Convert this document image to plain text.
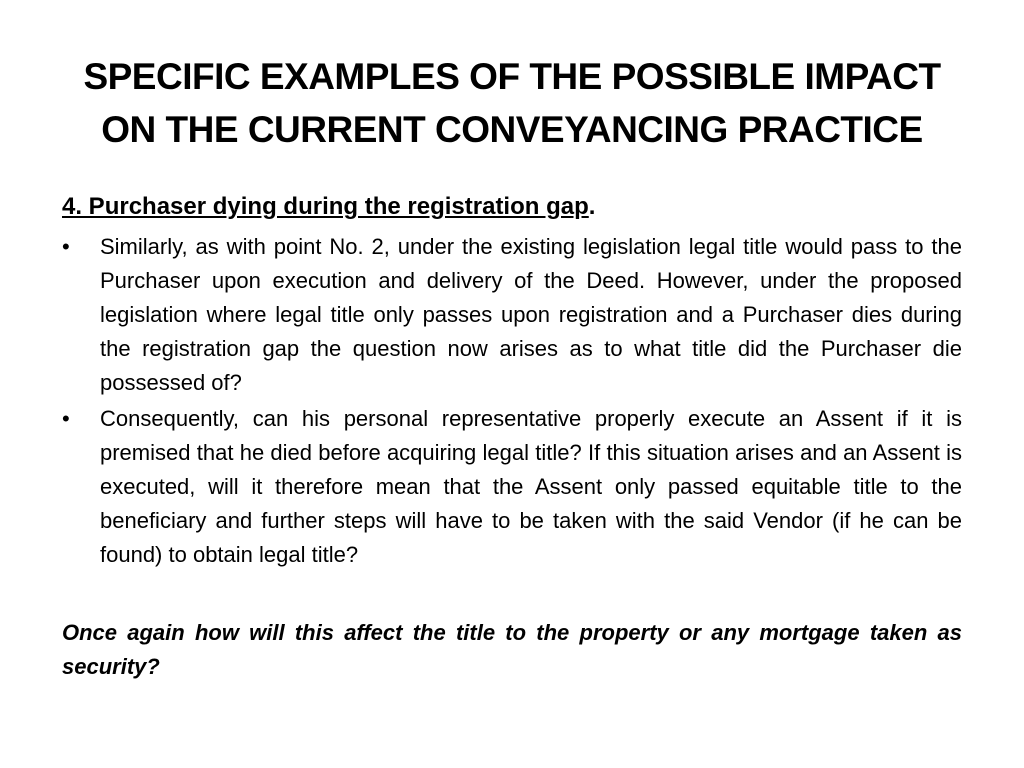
SPECIFIC EXAMPLES OF THE POSSIBLE IMPACT
ON THE CURRENT CONVEYANCING PRACTICE

4. Purchaser dying during the registration gap.

• Similarly, as with point No. 2, under the existing legislation legal title would pass to the Purchaser upon execution and delivery of the Deed. However, under the proposed legislation where legal title only passes upon registration and a Purchaser dies during the registration gap the question now arises as to what title did the Purchaser die possessed of?
• Consequently, can his personal representative properly execute an Assent if it is premised that he died before acquiring legal title? If this situation arises and an Assent is executed, will it therefore mean that the Assent only passed equitable title to the beneficiary and further steps will have to be taken with the said Vendor (if he can be found) to obtain legal title?

Once again how will this affect the title to the property or any mortgage taken as security?
